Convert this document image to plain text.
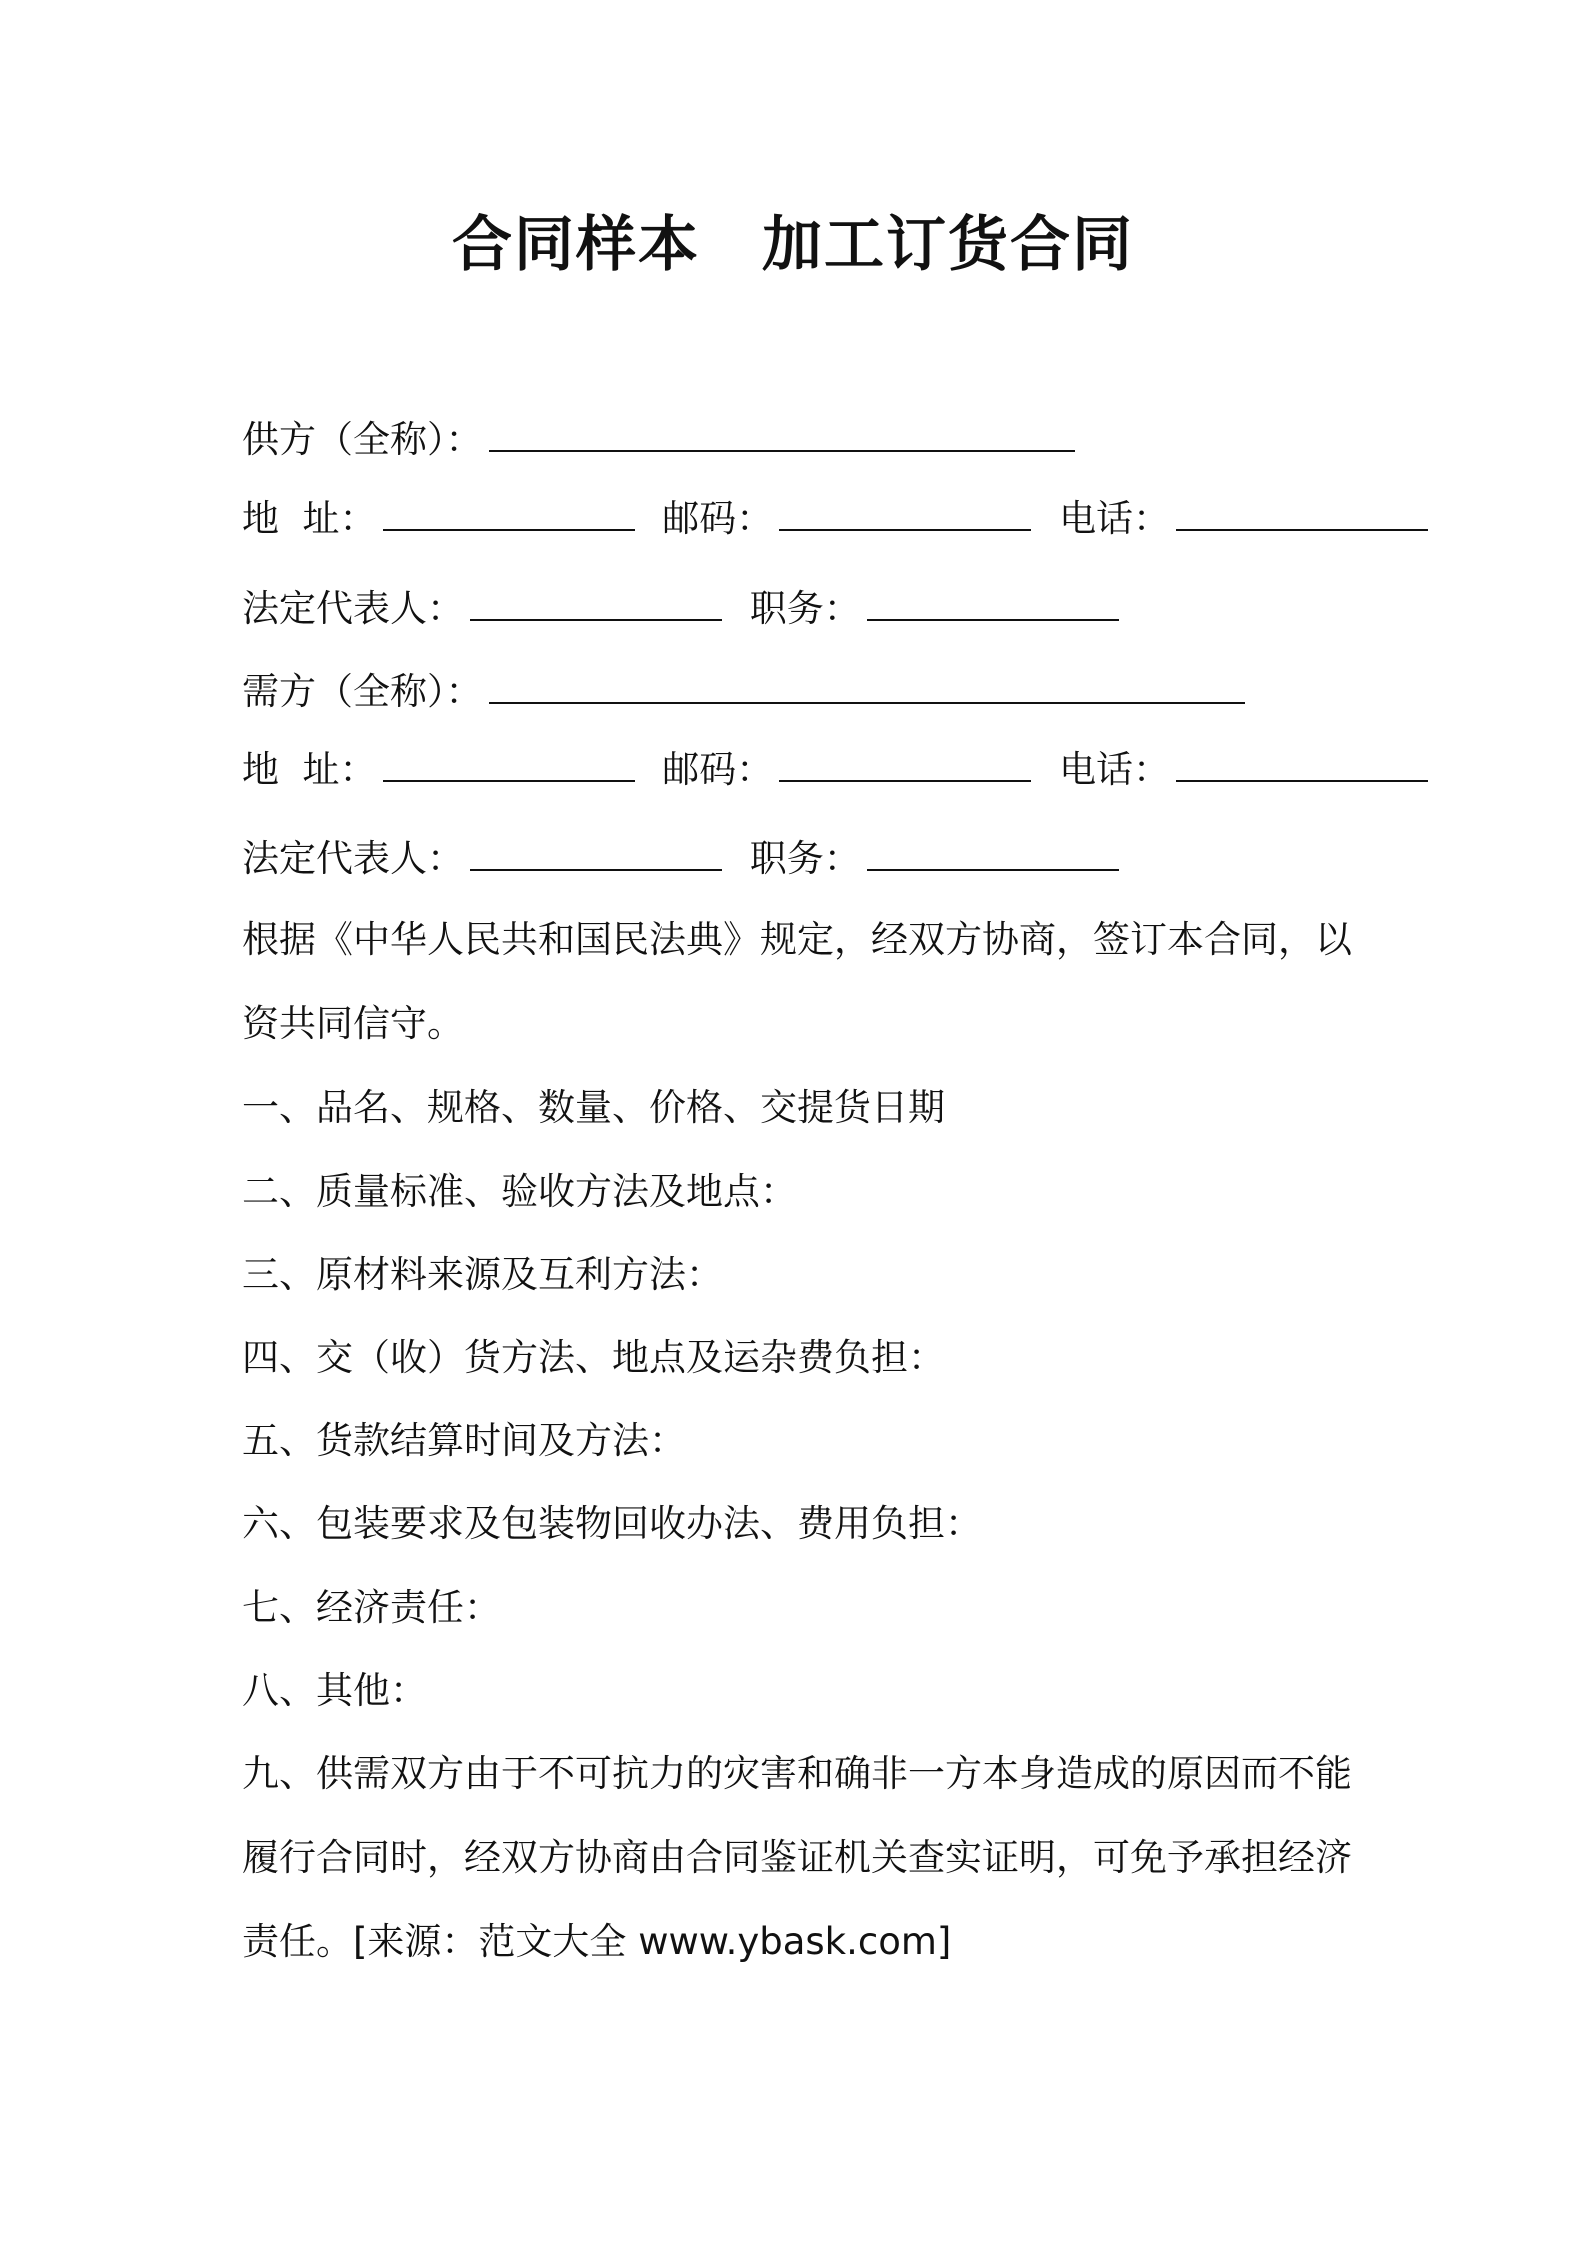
合同样本　加工订货合同
供方（全称）：
地  址：	邮码：	电话：
法定代表人：	职务：
需方（全称）：
地  址：	邮码：	电话：
法定代表人：	职务：
根据《中华人民共和国民法典》规定，经双方协商，签订本合同，以资共同信守。
一、品名、规格、数量、价格、交提货日期
二、质量标准、验收方法及地点：
三、原材料来源及互利方法：
四、交（收）货方法、地点及运杂费负担：
五、货款结算时间及方法：
六、包装要求及包装物回收办法、费用负担：
七、经济责任：
八、其他：
九、供需双方由于不可抗力的灾害和确非一方本身造成的原因而不能履行合同时，经双方协商由合同鉴证机关查实证明，可免予承担经济责任。[来源：范文大全 www.ybask.com]
